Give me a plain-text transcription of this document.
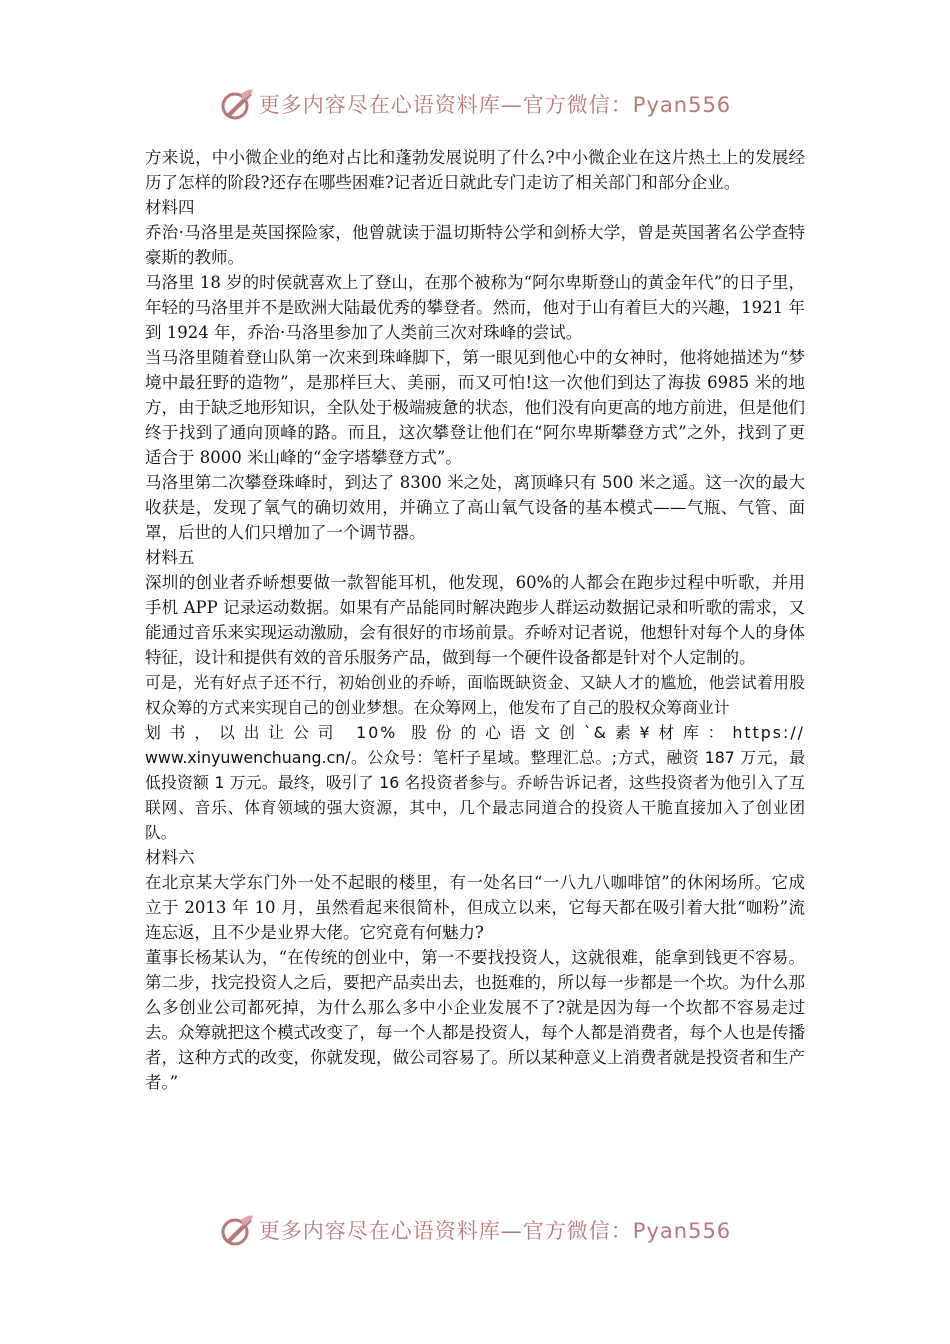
更多内容尽在心语资料库—官方微信：Pyan556

方来说，中小微企业的绝对占比和蓬勃发展说明了什么?中小微企业在这片热土上的发展经历了怎样的阶段?还存在哪些困难?记者近日就此专门走访了相关部门和部分企业。

材料四

乔治·马洛里是英国探险家，他曾就读于温切斯特公学和剑桥大学，曾是英国著名公学查特豪斯的教师。

马洛里 18 岁的时侯就喜欢上了登山，在那个被称为“阿尔卑斯登山的黄金年代”的日子里，年轻的马洛里并不是欧洲大陆最优秀的攀登者。然而，他对于山有着巨大的兴趣，1921 年到 1924 年，乔治·马洛里参加了人类前三次对珠峰的尝试。

当马洛里随着登山队第一次来到珠峰脚下，第一眼见到他心中的女神时，他将她描述为“梦境中最狂野的造物”，是那样巨大、美丽，而又可怕!这一次他们到达了海拔 6985 米的地方，由于缺乏地形知识，全队处于极端疲惫的状态，他们没有向更高的地方前进，但是他们终于找到了通向顶峰的路。而且，这次攀登让他们在“阿尔卑斯攀登方式”之外，找到了更适合于 8000 米山峰的“金字塔攀登方式”。

马洛里第二次攀登珠峰时，到达了 8300 米之处，离顶峰只有 500 米之遥。这一次的最大收获是，发现了氧气的确切效用，并确立了高山氧气设备的基本模式——气瓶、气管、面罩，后世的人们只增加了一个调节器。

材料五

深圳的创业者乔峤想要做一款智能耳机，他发现，60%的人都会在跑步过程中听歌，并用手机 APP 记录运动数据。如果有产品能同时解决跑步人群运动数据记录和听歌的需求，又能通过音乐来实现运动激励，会有很好的市场前景。乔峤对记者说，他想针对每个人的身体特征，设计和提供有效的音乐服务产品，做到每一个硬件设备都是针对个人定制的。

可是，光有好点子还不行，初始创业的乔峤，面临既缺资金、又缺人才的尴尬，他尝试着用股权众筹的方式来实现自己的创业梦想。在众筹网上，他发布了自己的股权众筹商业计

划书，以出让公司 10% 股份的心语文创`&素¥材库：https://

www.xinyuwenchuang.cn/。公众号：笔杆子星域。整理汇总。;方式，融资 187 万元，最低投资额 1 万元。最终，吸引了 16 名投资者参与。乔峤告诉记者，这些投资者为他引入了互联网、音乐、体育领域的强大资源，其中，几个最志同道合的投资人干脆直接加入了创业团队。

材料六

在北京某大学东门外一处不起眼的楼里，有一处名曰“一八九八咖啡馆”的休闲场所。它成立于 2013 年 10 月，虽然看起来很简朴，但成立以来，它每天都在吸引着大批“咖粉”流连忘返，且不少是业界大佬。它究竟有何魅力?

董事长杨某认为，“在传统的创业中，第一不要找投资人，这就很难，能拿到钱更不容易。第二步，找完投资人之后，要把产品卖出去，也挺难的，所以每一步都是一个坎。为什么那么多创业公司都死掉，为什么那么多中小企业发展不了?就是因为每一个坎都不容易走过去。众筹就把这个模式改变了，每一个人都是投资人，每个人都是消费者，每个人也是传播者，这种方式的改变，你就发现，做公司容易了。所以某种意义上消费者就是投资者和生产者。”

更多内容尽在心语资料库—官方微信：Pyan556
